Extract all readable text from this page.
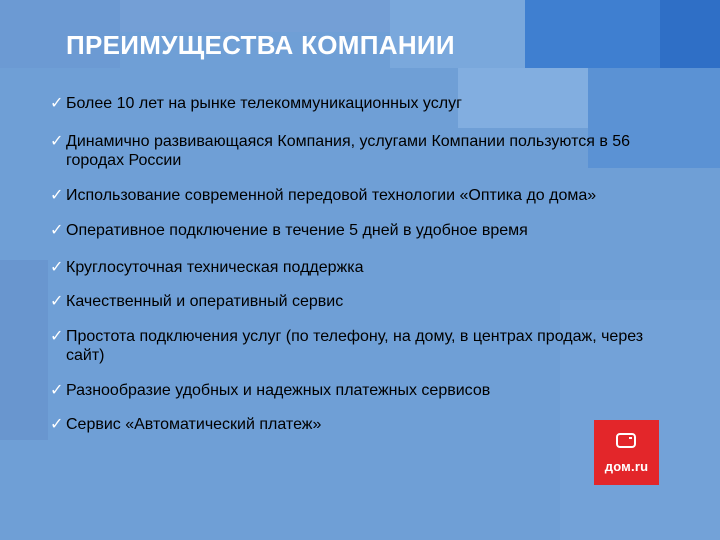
ПРЕИМУЩЕСТВА КОМПАНИИ
✓ Более 10 лет на рынке телекоммуникационных услуг
✓ Динамично развивающаяся Компания, услугами Компании пользуются в 56 городах России
✓ Использование современной передовой технологии «Оптика до дома»
✓ Оперативное подключение в течение 5 дней в удобное время
✓ Круглосуточная техническая поддержка
✓ Качественный и оперативный сервис
✓ Простота подключения услуг (по телефону, на дому, в центрах продаж, через сайт)
✓ Разнообразие удобных и надежных платежных сервисов
✓ Сервис «Автоматический платеж»
дом.ru
